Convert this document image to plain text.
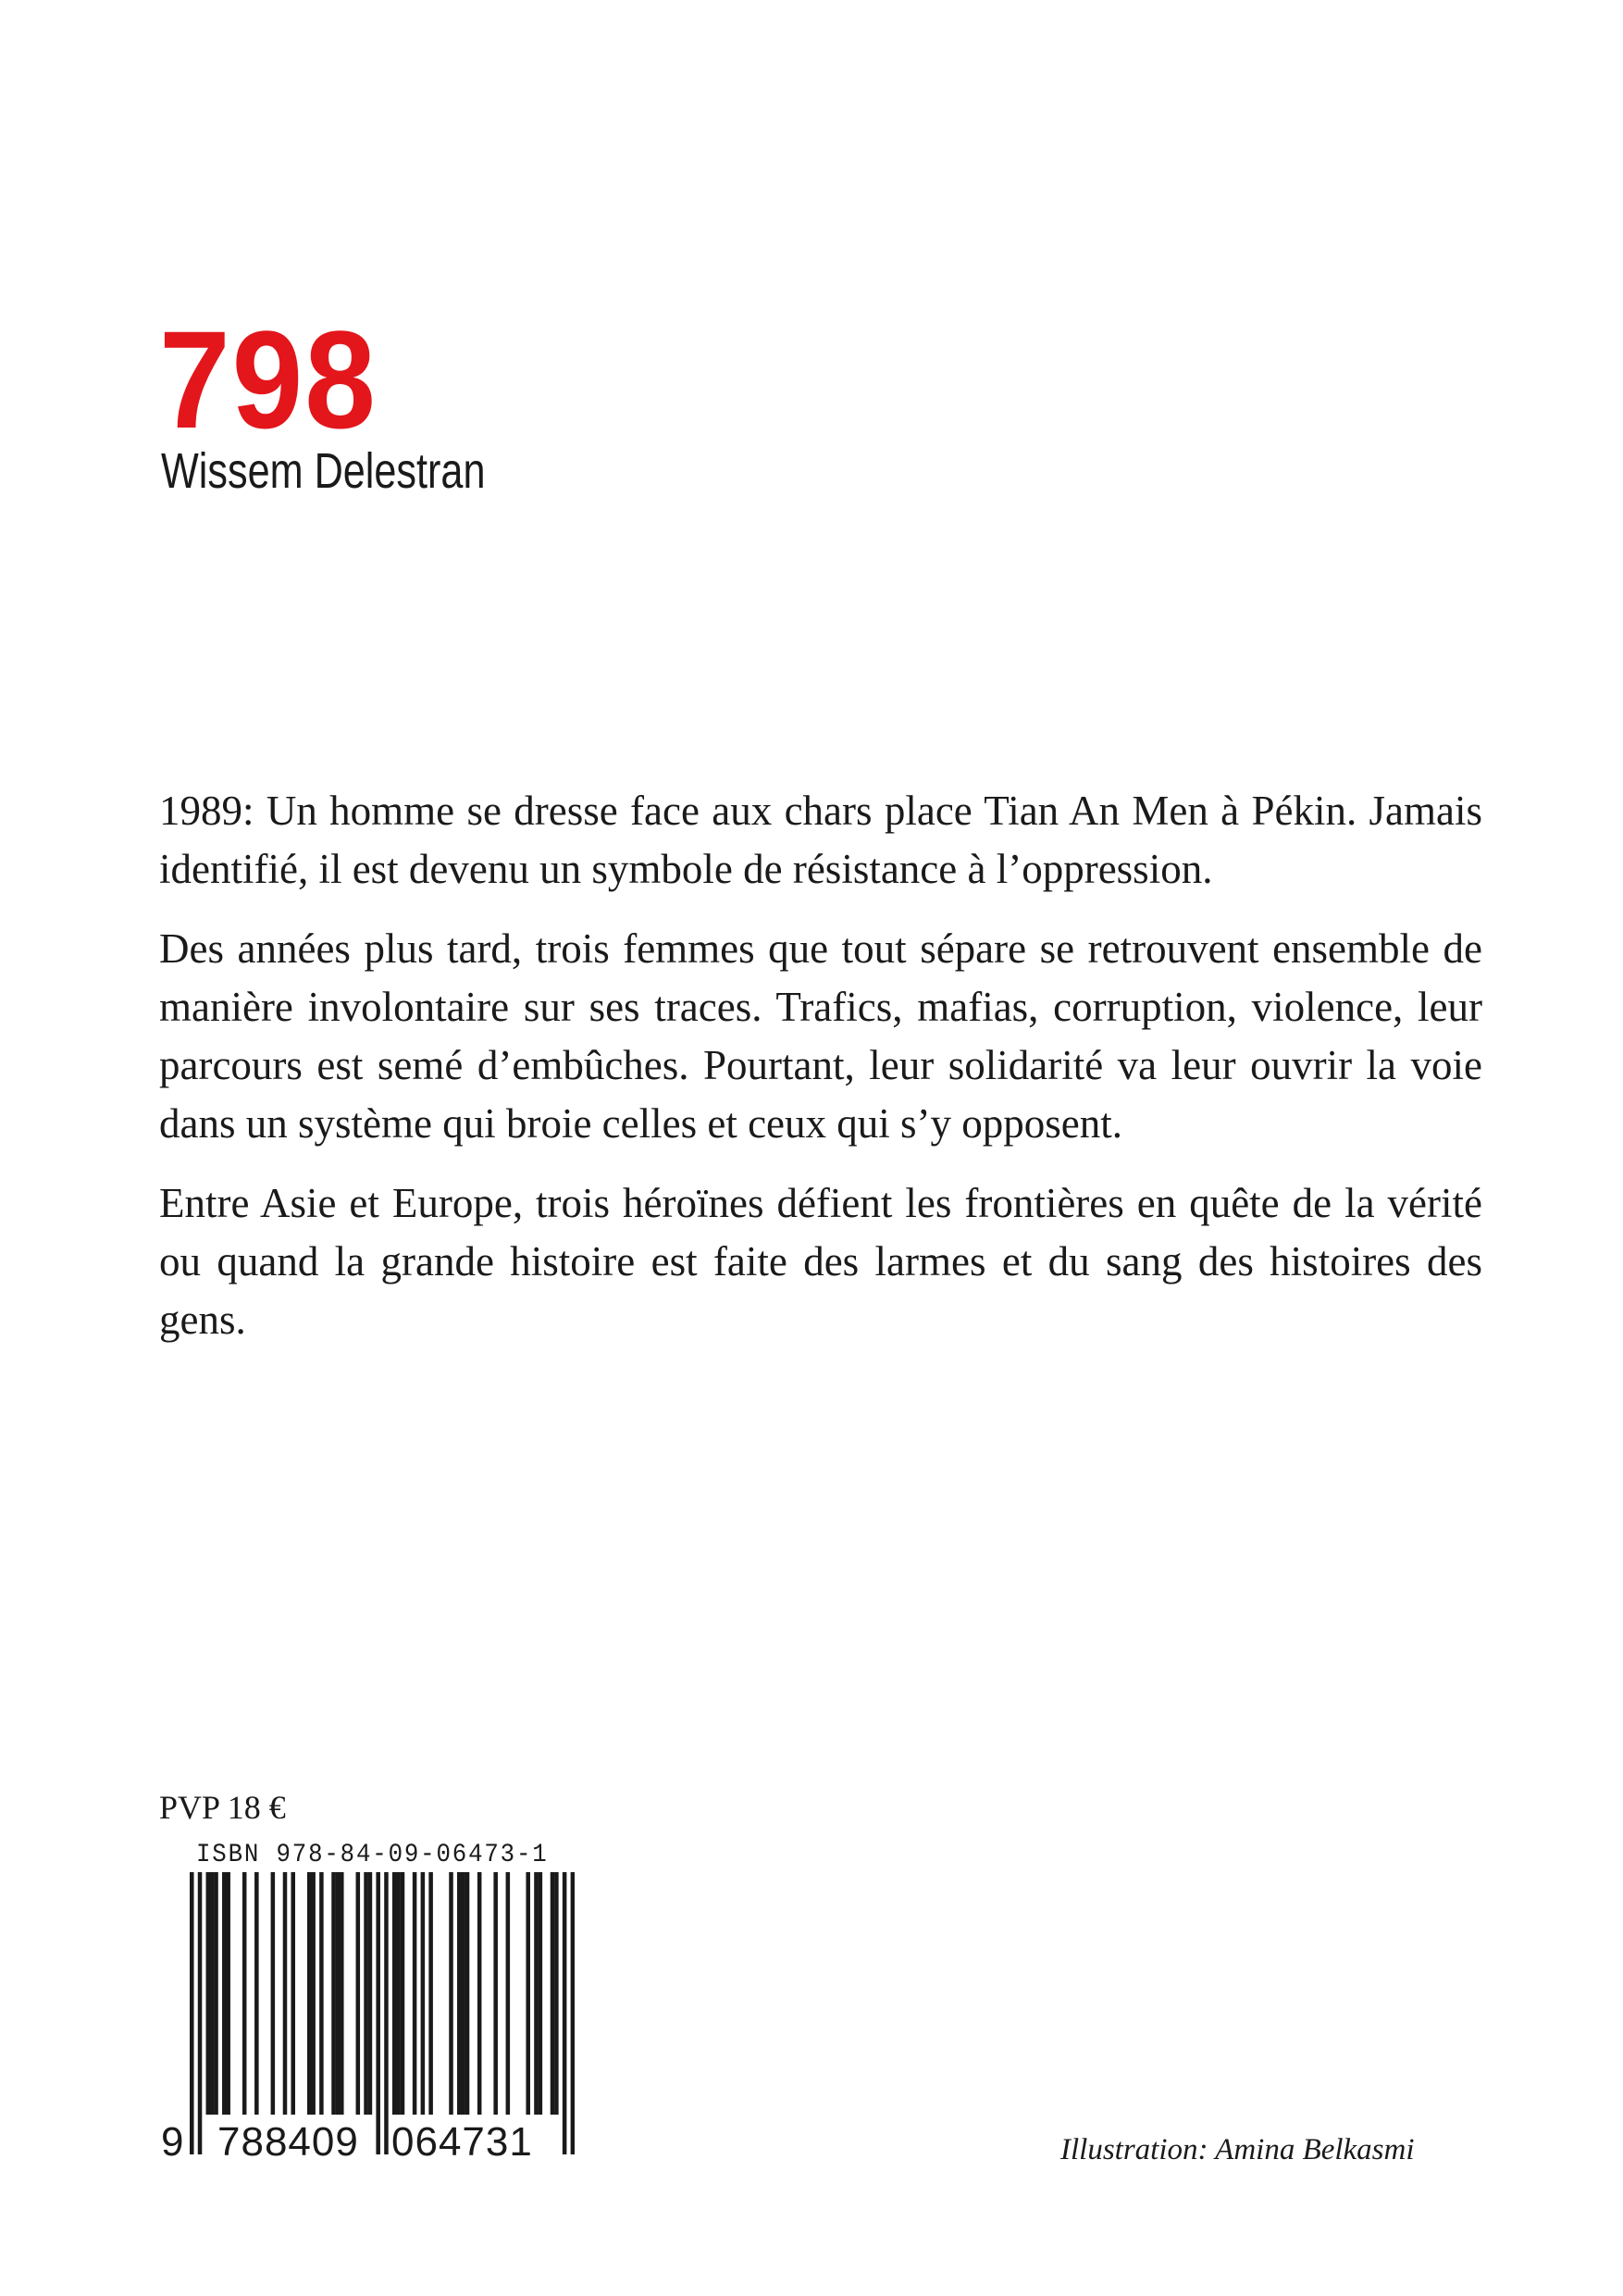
798
Wissem Delestran

1989: Un homme se dresse face aux chars place Tian An Men à Pékin. Jamais identifié, il est devenu un symbole de résistance à l’oppression.

Des années plus tard, trois femmes que tout sépare se retrouvent ensemble de manière involontaire sur ses traces. Trafics, mafias, corruption, violence, leur parcours est semé d’embûches. Pourtant, leur solidarité va leur ouvrir la voie dans un système qui broie celles et ceux qui s’y opposent.

Entre Asie et Europe, trois héroïnes défient les frontières en quête de la vérité ou quand la grande histoire est faite des larmes et du sang des histoires des gens.

PVP 18 €
ISBN 978-84-09-06473-1
9 788409 064731	Illustration: Amina Belkasmi
